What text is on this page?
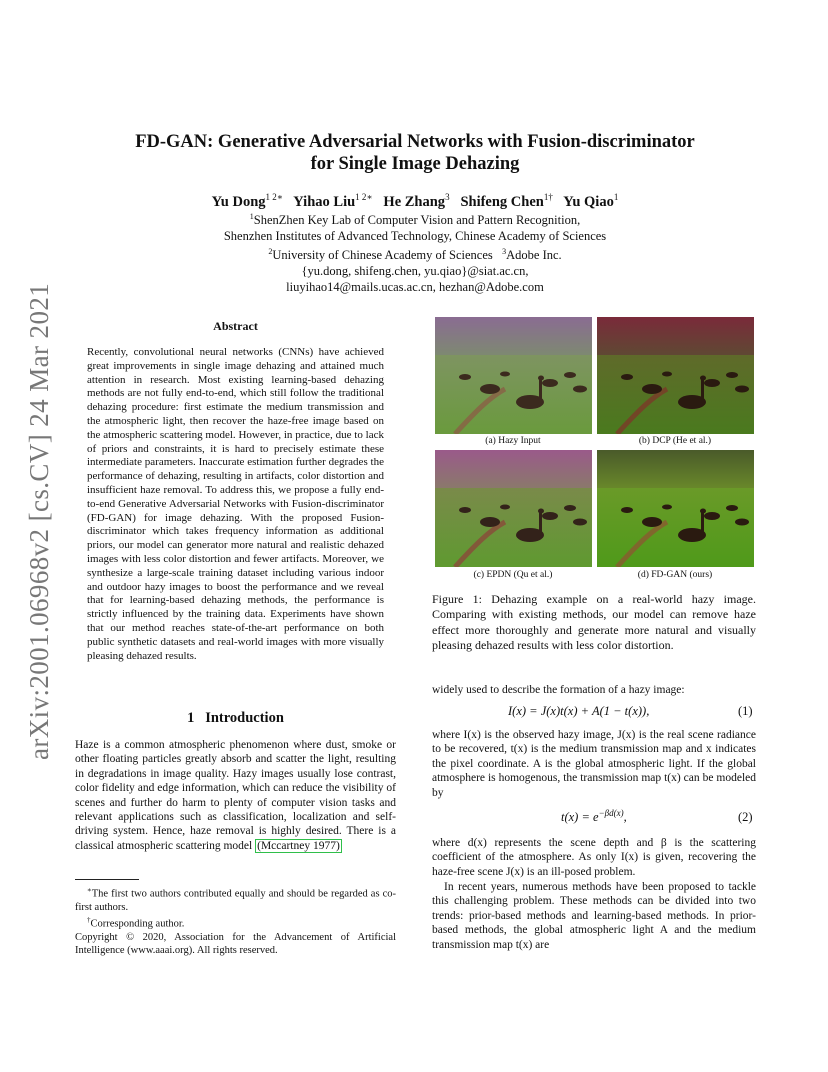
arXiv:2001.06968v2 [cs.CV] 24 Mar 2021
FD-GAN: Generative Adversarial Networks with Fusion-discriminator
for Single Image Dehazing
Yu Dong$^{1 2∗}$ Yihao Liu$^{1 2∗}$ He Zhang$^3$ Shifeng Chen$^{1\dagger}$ Yu Qiao$^1$
$^1$ShenZhen Key Lab of Computer Vision and Pattern Recognition,
Shenzhen Institutes of Advanced Technology, Chinese Academy of Sciences
$^2$University of Chinese Academy of Sciences $^3$Adobe Inc.
{yu.dong, shifeng.chen, yu.qiao}@siat.ac.cn,
liuyihao14@mails.ucas.ac.cn, hezhan@Adobe.com
Abstract
Recently, convolutional neural networks (CNNs) have achieved great improvements in single image dehazing and attained much attention in research. Most existing learning-based dehazing methods are not fully end-to-end, which still follow the traditional dehazing procedure: first estimate the medium transmission and the atmospheric light, then recover the haze-free image based on the atmospheric scattering model. However, in practice, due to lack of priors and constraints, it is hard to precisely estimate these intermediate parameters. Inaccurate estimation further degrades the performance of dehazing, resulting in artifacts, color distortion and insufficient haze removal. To address this, we propose a fully end-to-end Generative Adversarial Networks with Fusion-discriminator (FD-GAN) for image dehazing. With the proposed Fusion-discriminator which takes frequency information as additional priors, our model can generator more natural and realistic dehazed images with less color distortion and fewer artifacts. Moreover, we synthesize a large-scale training dataset including various indoor and outdoor hazy images to boost the performance and we reveal that for learning-based dehazing methods, the performance is strictly influenced by the training data. Experiments have shown that our method reaches state-of-the-art performance on both public synthetic datasets and real-world images with more visually pleasing dehazed results.
1 Introduction
Haze is a common atmospheric phenomenon where dust, smoke or other floating particles greatly absorb and scatter the light, resulting in degradations in image quality. Hazy images usually lose contrast, color fidelity and edge information, which can reduce the visibility of scenes and further do harm to plenty of computer vision tasks and relevant applications such as classification, localization and self-driving system. Hence, haze removal is highly desired. There is a classical atmospheric scattering model (Mccartney 1977)

∗The first two authors contributed equally and should be regarded as co-first authors.

†Corresponding author.

Copyright © 2020, Association for the Advancement of Artificial Intelligence (www.aaai.org). All rights reserved.

(a) Hazy Input	(b) DCP (He et al.)
(c) EPDN (Qu et al.)	(d) FD-GAN (ours)
Figure 1: Dehazing example on a real-world hazy image. Comparing with existing methods, our model can remove haze effect more thoroughly and generate more natural and visually pleasing dehazed results with less color distortion.
widely used to describe the formation of a hazy image:
I(x) = J(x)t(x) + A(1 − t(x)),	(1)
where I(x) is the observed hazy image, J(x) is the real scene radiance to be recovered, t(x) is the medium transmission map and x indicates the pixel coordinate. A is the global atmospheric light. If the global atmosphere is homogenous, the transmission map t(x) can be modeled by
$t(x) = e^{-\beta d(x)}$,	(2)
where d(x) represents the scene depth and β is the scattering coefficient of the atmosphere. As only I(x) is given, recovering the haze-free scene J(x) is an ill-posed problem.
In recent years, numerous methods have been proposed to tackle this challenging problem. These methods can be divided into two trends: prior-based methods and learning-based methods. In prior-based methods, the global atmospheric light A and the medium transmission map t(x) are
